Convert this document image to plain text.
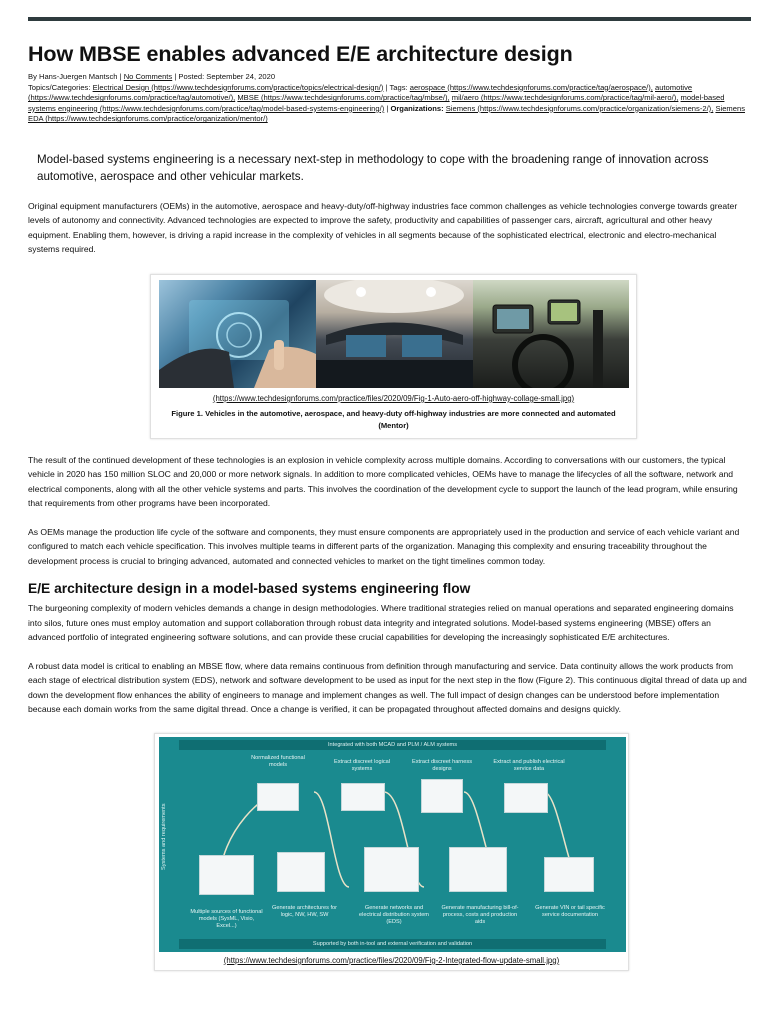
How MBSE enables advanced E/E architecture design
By Hans-Juergen Mantsch | No Comments | Posted: September 24, 2020
Topics/Categories: Electrical Design (https://www.techdesignforums.com/practice/topics/electrical-design/) | Tags: aerospace (https://www.techdesignforums.com/practice/tag/aerospace/), automotive (https://www.techdesignforums.com/practice/tag/automotive/), MBSE (https://www.techdesignforums.com/practice/tag/mbse/), mil/aero (https://www.techdesignforums.com/practice/tag/mil-aero/), model-based systems engineering (https://www.techdesignforums.com/practice/tag/model-based-systems-engineering/) | Organizations: Siemens (https://www.techdesignforums.com/practice/organization/siemens-2/), Siemens EDA (https://www.techdesignforums.com/practice/organization/mentor/)

Model-based systems engineering is a necessary next-step in methodology to cope with the broadening range of innovation across automotive, aerospace and other vehicular markets.

Original equipment manufacturers (OEMs) in the automotive, aerospace and heavy-duty/off-highway industries face common challenges as vehicle technologies converge towards greater levels of autonomy and connectivity. Advanced technologies are expected to improve the safety, productivity and capabilities of passenger cars, aircraft, agricultural and other heavy equipment. Enabling them, however, is driving a rapid increase in the complexity of vehicles in all segments because of the sophisticated electrical, electronic and electro-mechanical systems required.

(https://www.techdesignforums.com/practice/files/2020/09/Fig-1-Auto-aero-off-highway-collage-small.jpg)
Figure 1. Vehicles in the automotive, aerospace, and heavy-duty off-highway industries are more connected and automated (Mentor)

The result of the continued development of these technologies is an explosion in vehicle complexity across multiple domains. According to conversations with our customers, the typical vehicle in 2020 has 150 million SLOC and 20,000 or more network signals. In addition to more complicated vehicles, OEMs have to manage the lifecycles of all the software, network and electrical components, along with all the other vehicle systems and parts. This involves the coordination of the development cycle to support the launch of the lead program, while ensuring that requirements from other programs have been incorporated.

As OEMs manage the production life cycle of the software and components, they must ensure components are appropriately used in the production and service of each vehicle variant and configured to match each vehicle specification. This involves multiple teams in different parts of the organization. Managing this complexity and ensuring traceability throughout the development process is crucial to bringing advanced, automated and connected vehicles to market on the tight timelines common today.

E/E architecture design in a model-based systems engineering flow

The burgeoning complexity of modern vehicles demands a change in design methodologies. Where traditional strategies relied on manual operations and separated engineering domains into silos, future ones must employ automation and support collaboration through robust data integrity and integrated solutions. Model-based systems engineering (MBSE) offers an advanced portfolio of integrated engineering software solutions, and can provide these crucial capabilities for developing the increasingly sophisticated E/E architectures.

A robust data model is critical to enabling an MBSE flow, where data remains continuous from definition through manufacturing and service. Data continuity allows the work products from each stage of electrical distribution system (EDS), network and software development to be used as input for the next step in the flow (Figure 2). This continuous digital thread of data up and down the development flow enhances the ability of engineers to manage and implement changes as well. The full impact of design changes can be understood before implementation because each domain works from the same digital thread. Once a change is verified, it can be propagated throughout affected domains and designs quickly.

Integrated with both MCAD and PLM / ALM systems
Supported by both in-tool and external verification and validation
Systems and requirements
Normalized functional models	Extract discreet logical systems
Extract discreet harness designs
Extract and publish electrical service data
Multiple sources of functional models (SysML, Visio, Excel...)
Generate architectures for logic, NW, HW, SW
Generate networks and electrical distribution system (EDS)
Generate manufacturing bill-of-process, costs and production aids
Generate VIN or tail specific service documentation
(https://www.techdesignforums.com/practice/files/2020/09/Fig-2-Integrated-flow-update-small.jpg)
